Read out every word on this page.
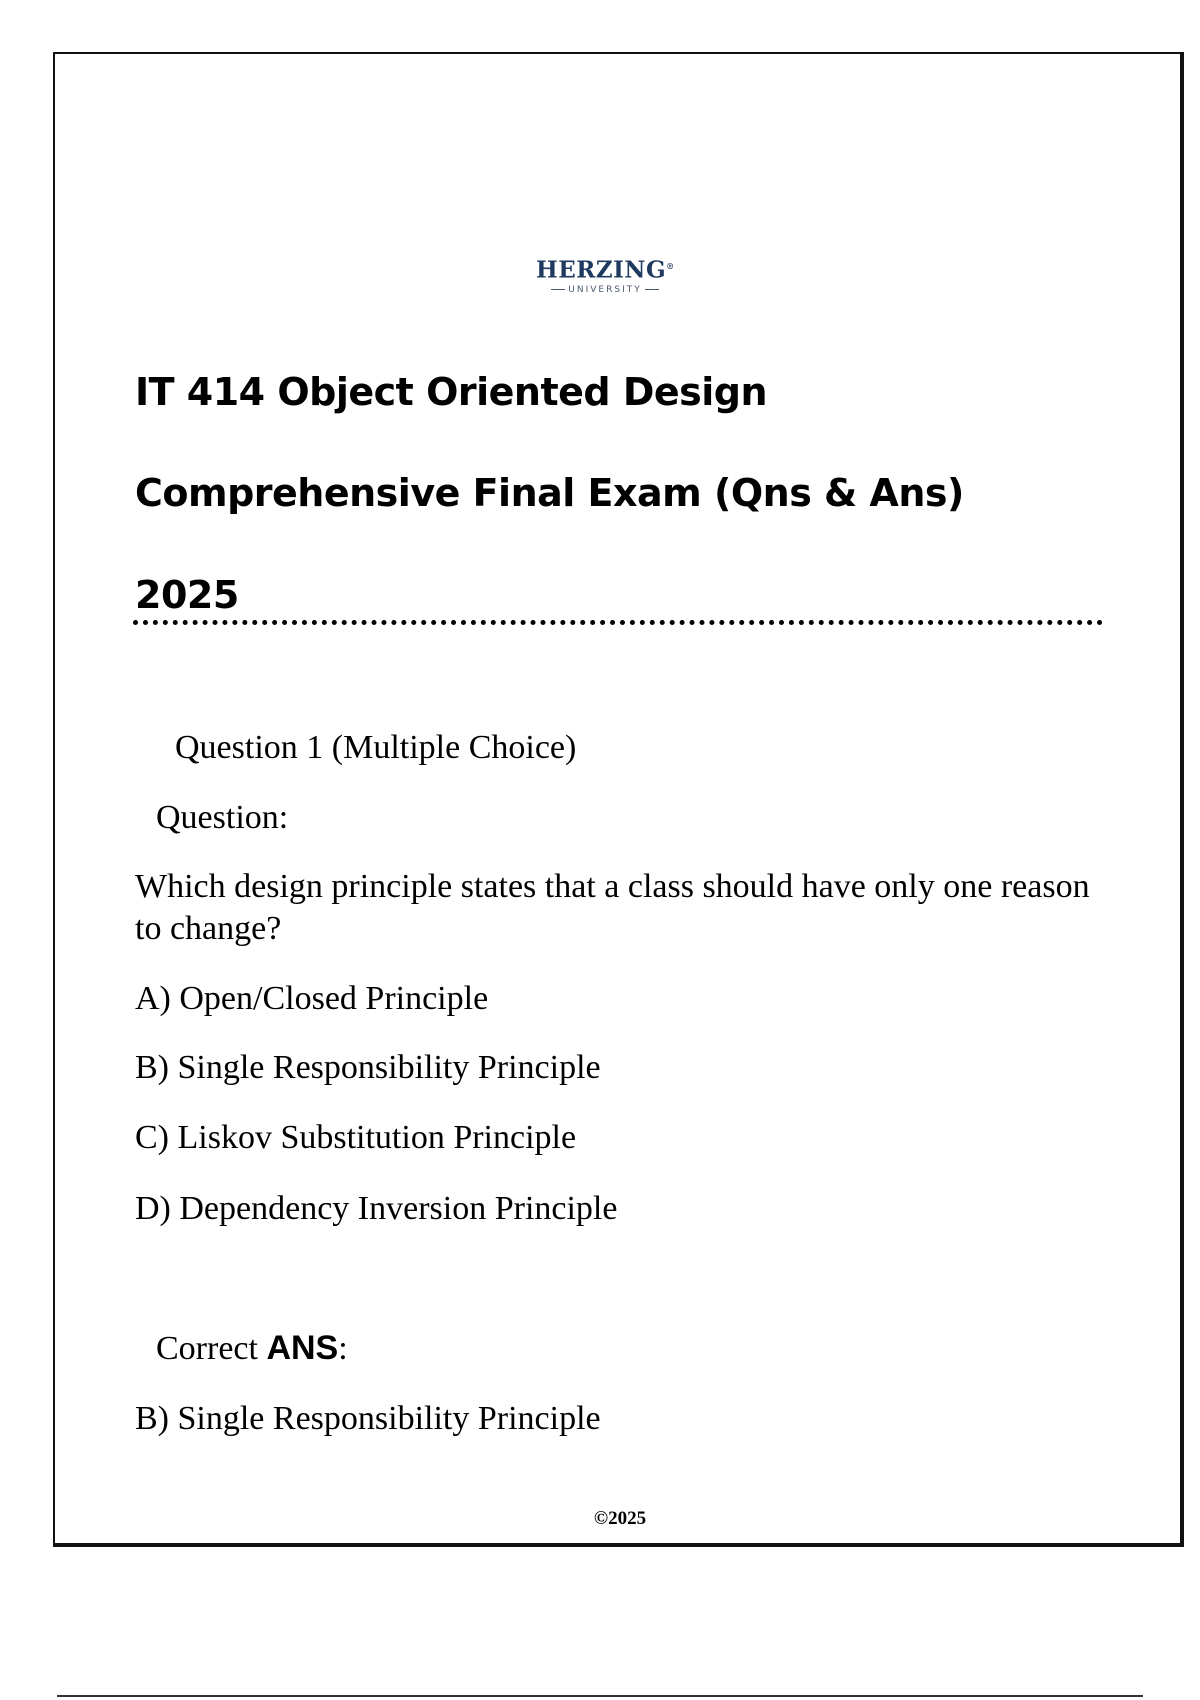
HERZING®
UNIVERSITY
IT 414 Object Oriented Design
Comprehensive Final Exam (Qns & Ans)
2025
Question 1 (Multiple Choice)
Question:
Which design principle states that a class should have only one reason to change?
A) Open/Closed Principle
B) Single Responsibility Principle
C) Liskov Substitution Principle
D) Dependency Inversion Principle
Correct ANS:
B) Single Responsibility Principle
©2025
